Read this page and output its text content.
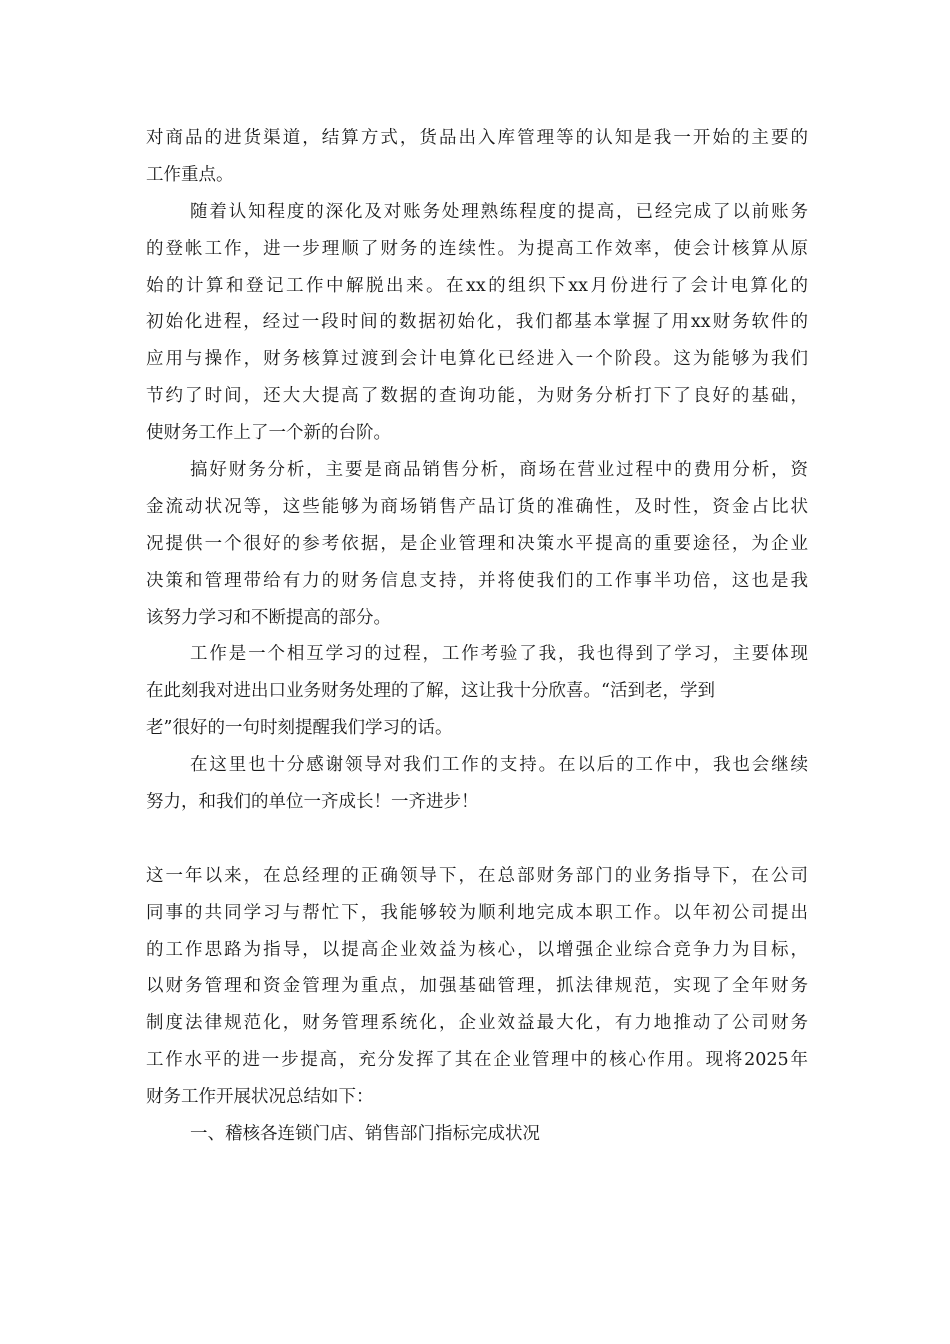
对商品的进货渠道，结算方式，货品出入库管理等的认知是我一开始的主要的
工作重点。
随着认知程度的深化及对账务处理熟练程度的提高，已经完成了以前账务
的登帐工作，进一步理顺了财务的连续性。为提高工作效率，使会计核算从原
始的计算和登记工作中解脱出来。在xx的组织下xx月份进行了会计电算化的
初始化进程，经过一段时间的数据初始化，我们都基本掌握了用xx财务软件的
应用与操作，财务核算过渡到会计电算化已经进入一个阶段。这为能够为我们
节约了时间，还大大提高了数据的查询功能，为财务分析打下了良好的基础，
使财务工作上了一个新的台阶。
搞好财务分析，主要是商品销售分析，商场在营业过程中的费用分析，资
金流动状况等，这些能够为商场销售产品订货的准确性，及时性，资金占比状
况提供一个很好的参考依据，是企业管理和决策水平提高的重要途径，为企业
决策和管理带给有力的财务信息支持，并将使我们的工作事半功倍，这也是我
该努力学习和不断提高的部分。
工作是一个相互学习的过程，工作考验了我，我也得到了学习，主要体现
在此刻我对进出口业务财务处理的了解，这让我十分欣喜。“活到老，学到
老”很好的一句时刻提醒我们学习的话。
在这里也十分感谢领导对我们工作的支持。在以后的工作中，我也会继续
努力，和我们的单位一齐成长！一齐进步！

这一年以来，在总经理的正确领导下，在总部财务部门的业务指导下，在公司
同事的共同学习与帮忙下，我能够较为顺利地完成本职工作。以年初公司提出
的工作思路为指导，以提高企业效益为核心，以增强企业综合竞争力为目标，
以财务管理和资金管理为重点，加强基础管理，抓法律规范，实现了全年财务
制度法律规范化，财务管理系统化，企业效益最大化，有力地推动了公司财务
工作水平的进一步提高，充分发挥了其在企业管理中的核心作用。现将2025年
财务工作开展状况总结如下：
一、稽核各连锁门店、销售部门指标完成状况
